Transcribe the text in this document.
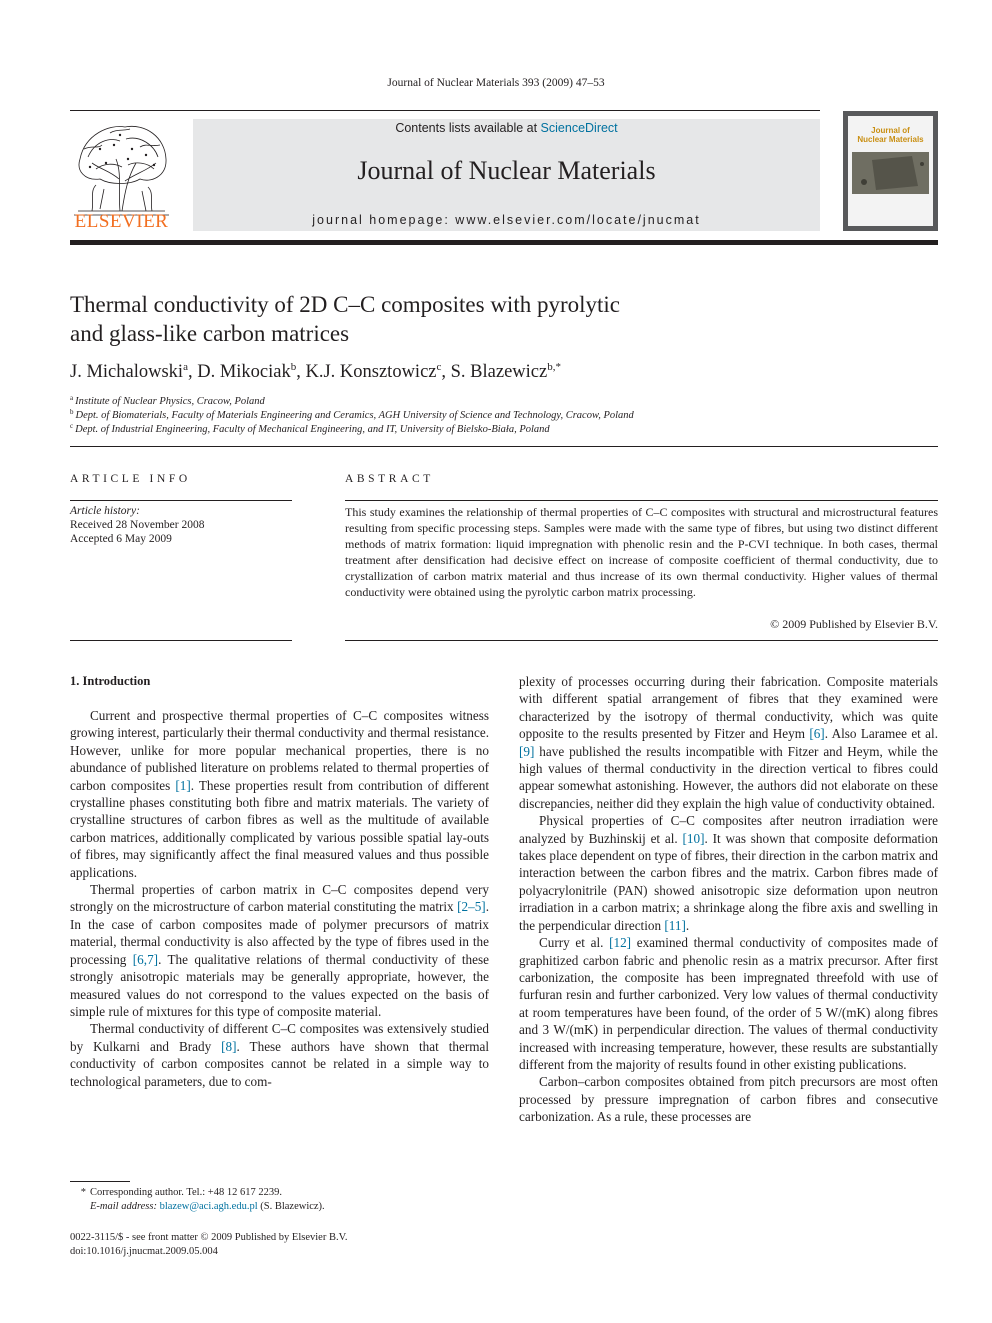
Journal of Nuclear Materials 393 (2009) 47–53
ELSEVIER
Contents lists available at ScienceDirect
Journal of Nuclear Materials
journal homepage: www.elsevier.com/locate/jnucmat
Journal of
Nuclear Materials
Thermal conductivity of 2D C–C composites with pyrolytic
and glass-like carbon matrices
J. Michalowski$^a$, D. Mikociak$^b$, K.J. Konsztowicz$^c$, S. Blazewicz$^{b,*}$
$^a$ Institute of Nuclear Physics, Cracow, Poland
$^b$ Dept. of Biomaterials, Faculty of Materials Engineering and Ceramics, AGH University of Science and Technology, Cracow, Poland
$^c$ Dept. of Industrial Engineering, Faculty of Mechanical Engineering, and IT, University of Bielsko-Biała, Poland
ARTICLE INFO
Article history:
Received 28 November 2008
Accepted 6 May 2009
ABSTRACT
This study examines the relationship of thermal properties of C–C composites with structural and microstructural features resulting from specific processing steps. Samples were made with the same type of fibres, but using two distinct different methods of matrix formation: liquid impregnation with phenolic resin and the P-CVI technique. In both cases, thermal treatment after densification had decisive effect on increase of composite coefficient of thermal conductivity, due to crystallization of carbon matrix material and thus increase of its own thermal conductivity. Higher values of thermal conductivity were obtained using the pyrolytic carbon matrix processing.
© 2009 Published by Elsevier B.V.
1. Introduction

Current and prospective thermal properties of C–C composites witness growing interest, particularly their thermal conductivity and thermal resistance. However, unlike for more popular mechanical properties, there is no abundance of published literature on problems related to thermal properties of carbon composites [1]. These properties result from contribution of different crystalline phases constituting both fibre and matrix materials. The variety of crystalline structures of carbon fibres as well as the multitude of available carbon matrices, additionally complicated by various possible spatial lay-outs of fibres, may significantly affect the final measured values and thus possible applications.

Thermal properties of carbon matrix in C–C composites depend very strongly on the microstructure of carbon material constituting the matrix [2–5]. In the case of carbon composites made of polymer precursors of matrix material, thermal conductivity is also affected by the type of fibres used in the processing [6,7]. The qualitative relations of thermal conductivity of these strongly anisotropic materials may be generally appropriate, however, the measured values do not correspond to the values expected on the basis of simple rule of mixtures for this type of composite material.

Thermal conductivity of different C–C composites was extensively studied by Kulkarni and Brady [8]. These authors have shown that thermal conductivity of carbon composites cannot be related in a simple way to technological parameters, due to com-

plexity of processes occurring during their fabrication. Composite materials with different spatial arrangement of fibres that they examined were characterized by the isotropy of thermal conductivity, which was quite opposite to the results presented by Fitzer and Heym [6]. Also Laramee et al. [9] have published the results incompatible with Fitzer and Heym, while the high values of thermal conductivity in the direction vertical to fibres could appear somewhat astonishing. However, the authors did not elaborate on these discrepancies, neither did they explain the high value of conductivity obtained.

Physical properties of C–C composites after neutron irradiation were analyzed by Buzhinskij et al. [10]. It was shown that composite deformation takes place dependent on type of fibres, their direction in the carbon matrix and interaction between the carbon fibres and the matrix. Carbon fibres made of polyacrylonitrile (PAN) showed anisotropic size deformation upon neutron irradiation in a carbon matrix; a shrinkage along the fibre axis and swelling in the perpendicular direction [11].

Curry et al. [12] examined thermal conductivity of composites made of graphitized carbon fabric and phenolic resin as a matrix precursor. After first carbonization, the composite has been impregnated threefold with use of furfuran resin and further carbonized. Very low values of thermal conductivity at room temperatures have been found, of the order of 5 W/(mK) along fibres and 3 W/(mK) in perpendicular direction. The values of thermal conductivity increased with increasing temperature, however, these results are substantially different from the majority of results found in other existing publications.

Carbon–carbon composites obtained from pitch precursors are most often processed by pressure impregnation of carbon fibres and consecutive carbonization. As a rule, these processes are

* Corresponding author. Tel.: +48 12 617 2239.
E-mail address: blazew@aci.agh.edu.pl (S. Blazewicz).
0022-3115/$ - see front matter © 2009 Published by Elsevier B.V.
doi:10.1016/j.jnucmat.2009.05.004
